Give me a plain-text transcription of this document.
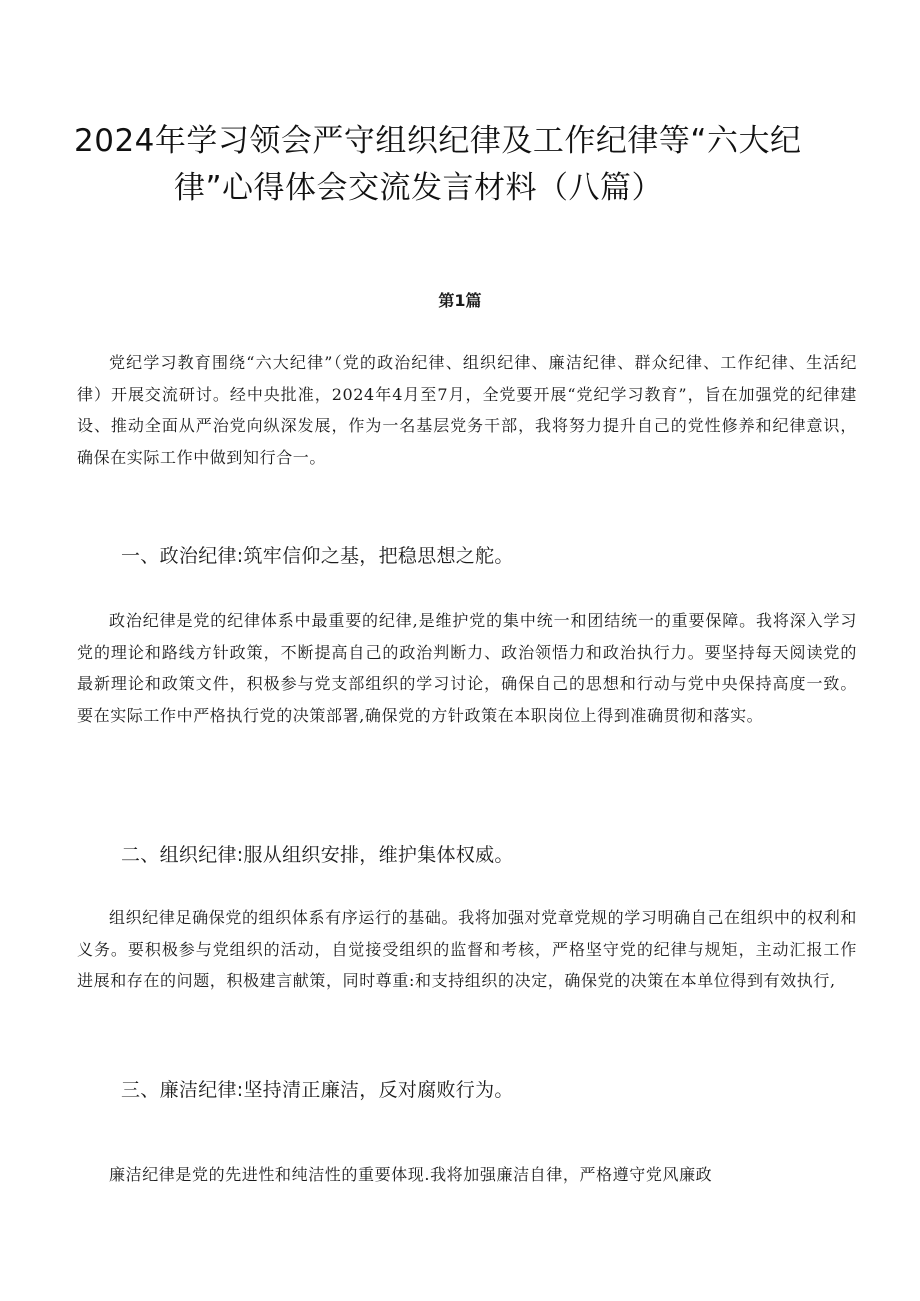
2024年学习领会严守组织纪律及工作纪律等“六大纪
律”心得体会交流发言材料（八篇）
第1篇

党纪学习教育围绕“六大纪律”（党的政治纪律、组织纪律、廉洁纪律、群众纪律、工作纪律、生活纪律）开展交流研讨。经中央批准，2024年4月至7月，全党要开展“党纪学习教育”，旨在加强党的纪律建设、推动全面从严治党向纵深发展，作为一名基层党务干部，我将努力提升自己的党性修养和纪律意识，确保在实际工作中做到知行合一。

一、政治纪律:筑牢信仰之基，把稳思想之舵。

政治纪律是党的纪律体系中最重要的纪律,是维护党的集中统一和团结统一的重要保障。我将深入学习党的理论和路线方针政策，不断提高自己的政治判断力、政治领悟力和政治执行力。要坚持每天阅读党的最新理论和政策文件，积极参与党支部组织的学习讨论，确保自己的思想和行动与党中央保持高度一致。要在实际工作中严格执行党的决策部署,确保党的方针政策在本职岗位上得到准确贯彻和落实。

二、组织纪律:服从组织安排，维护集体权威。

组织纪律足确保党的组织体系有序运行的基础。我将加强对党章党规的学习明确自己在组织中的权利和义务。要积极参与党组织的活动，自觉接受组织的监督和考核，严格坚守党的纪律与规矩，主动汇报工作进展和存在的问题，积极建言献策，同时尊重:和支持组织的决定，确保党的决策在本单位得到有效执行,

三、廉洁纪律:坚持清正廉洁，反对腐败行为。

廉洁纪律是党的先进性和纯洁性的重要体现.我将加强廉洁自律，严格遵守党风廉政
